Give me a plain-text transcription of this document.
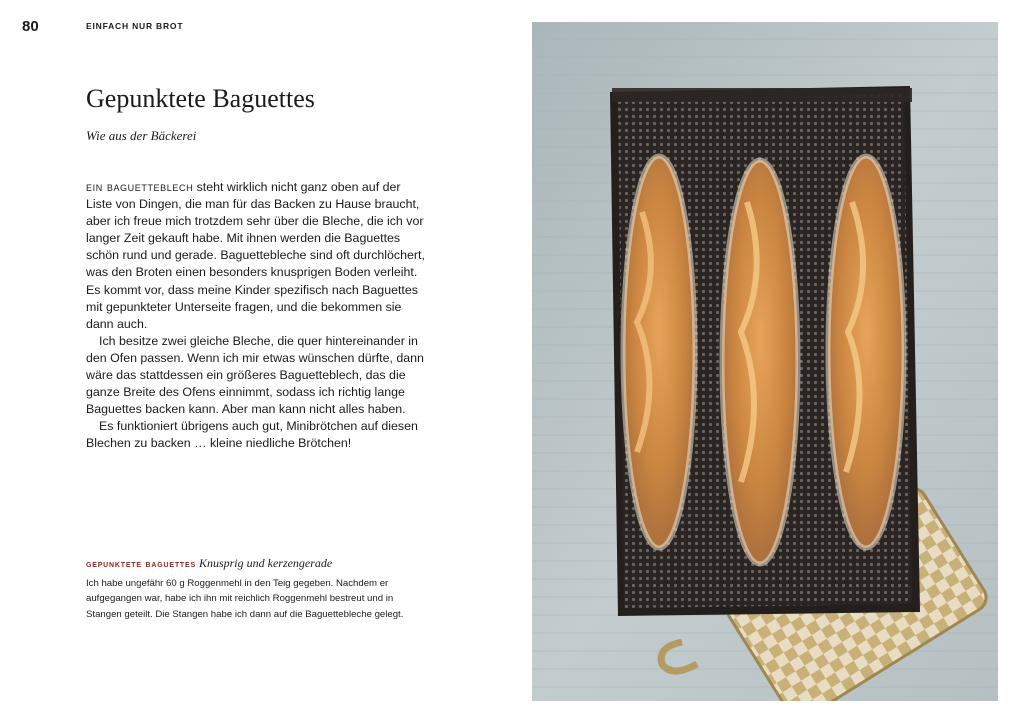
80	EINFACH NUR BROT
Gepunktete Baguettes
Wie aus der Bäckerei

ein baguetteblech steht wirklich nicht ganz oben auf der Liste von Dingen, die man für das Backen zu Hause braucht, aber ich freue mich trotzdem sehr über die Bleche, die ich vor langer Zeit gekauft habe. Mit ihnen werden die Baguettes schön rund und gerade. Baguettebleche sind oft durchlöchert, was den Broten einen besonders knusprigen Boden verleiht. Es kommt vor, dass meine Kinder spezifisch nach Baguettes mit gepunkteter Unterseite fragen, und die bekommen sie dann auch.

Ich besitze zwei gleiche Bleche, die quer hintereinander in den Ofen passen. Wenn ich mir etwas wünschen dürfte, dann wäre das stattdessen ein größeres Baguetteblech, das die ganze Breite des Ofens einnimmt, sodass ich richtig lange Baguettes backen kann. Aber man kann nicht alles haben.

Es funktioniert übrigens auch gut, Minibrötchen auf diesen Blechen zu backen … kleine niedliche Brötchen!

gepunktete baguettes Knusprig und kerzengerade
Ich habe ungefähr 60 g Roggenmehl in den Teig gegeben. Nachdem er aufgegangen war, habe ich ihn mit reichlich Roggenmehl bestreut und in Stangen geteilt. Die Stangen habe ich dann auf die Baguettebleche gelegt.
